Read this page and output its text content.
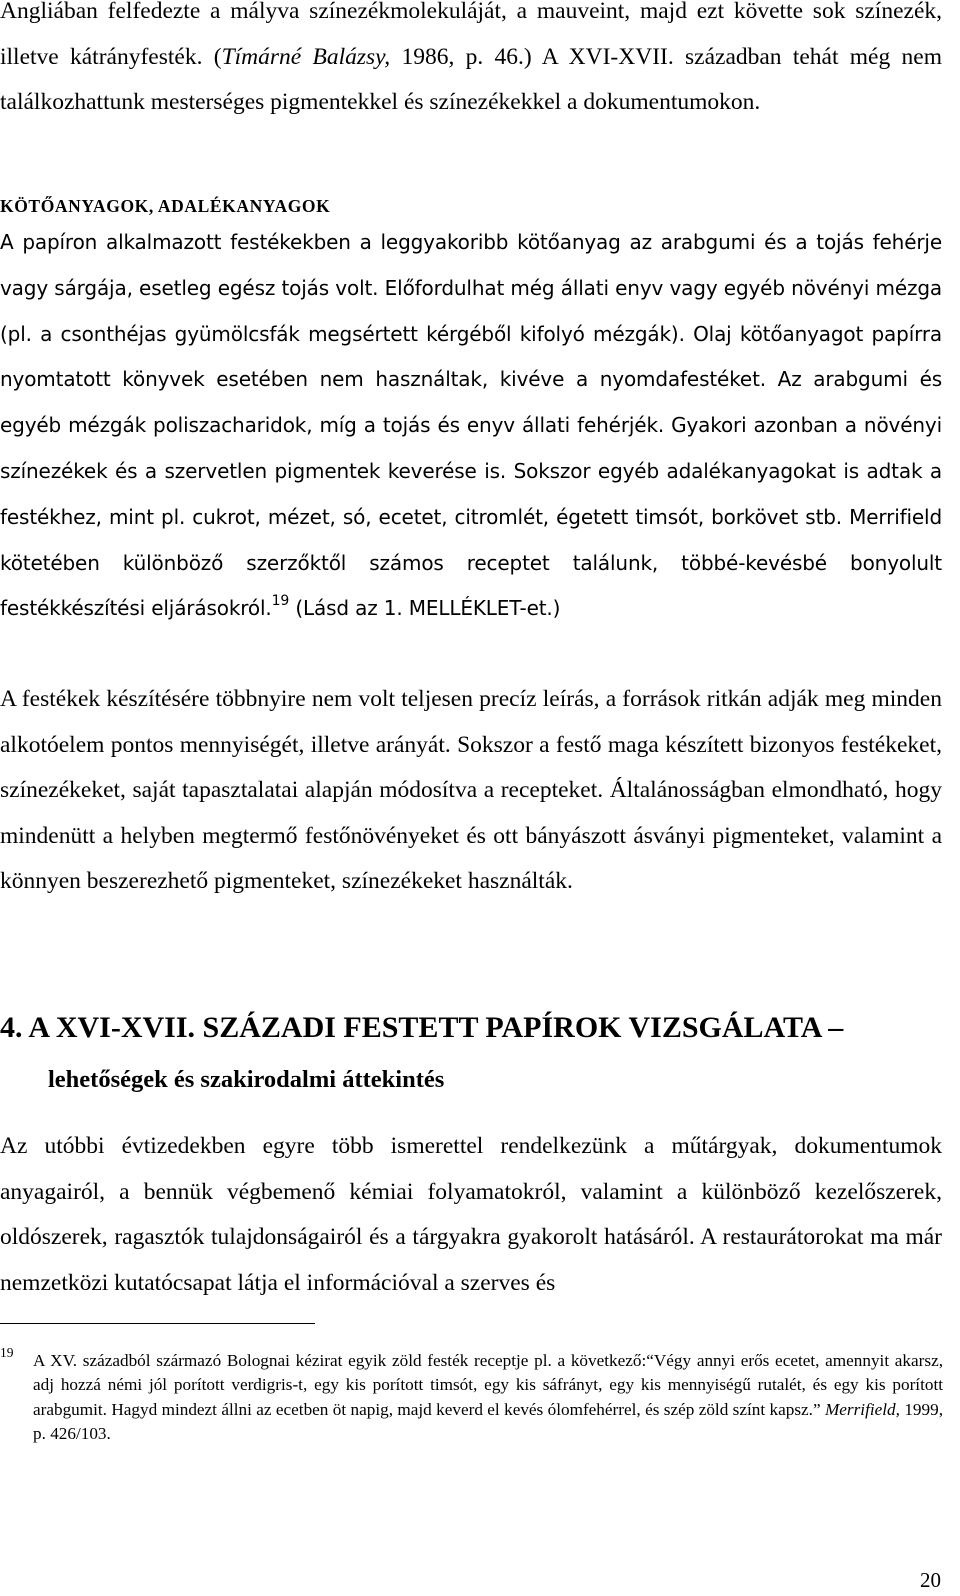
Angliában felfedezte a mályva színezékmolekuláját, a mauveint, majd ezt követte sok színezék, illetve kátrányfesték. (Tímárné Balázsy, 1986, p. 46.) A XVI-XVII. században tehát még nem találkozhattunk mesterséges pigmentekkel és színezékekkel a dokumentumokon.

KÖTŐANYAGOK, ADALÉKANYAGOK

A papíron alkalmazott festékekben a leggyakoribb kötőanyag az arabgumi és a tojás fehérje vagy sárgája, esetleg egész tojás volt. Előfordulhat még állati enyv vagy egyéb növényi mézga (pl. a csonthéjas gyümölcsfák megsértett kérgéből kifolyó mézgák). Olaj kötőanyagot papírra nyomtatott könyvek esetében nem használtak, kivéve a nyomdafestéket. Az arabgumi és egyéb mézgák poliszacharidok, míg a tojás és enyv állati fehérjék. Gyakori azonban a növényi színezékek és a szervetlen pigmentek keverése is. Sokszor egyéb adalékanyagokat is adtak a festékhez, mint pl. cukrot, mézet, só, ecetet, citromlét, égetett timsót, borkövet stb. Merrifield kötetében különböző szerzőktől számos receptet találunk, többé-kevésbé bonyolult festékkészítési eljárásokról.$^{19}$ (Lásd az 1. MELLÉKLET-et.)

A festékek készítésére többnyire nem volt teljesen precíz leírás, a források ritkán adják meg minden alkotóelem pontos mennyiségét, illetve arányát. Sokszor a festő maga készített bizonyos festékeket, színezékeket, saját tapasztalatai alapján módosítva a recepteket. Általánosságban elmondható, hogy mindenütt a helyben megtermő festőnövényeket és ott bányászott ásványi pigmenteket, valamint a könnyen beszerezhető pigmenteket, színezékeket használták.

4. A XVI-XVII. SZÁZADI FESTETT PAPÍROK VIZSGÁLATA –
lehetőségek és szakirodalmi áttekintés

Az utóbbi évtizedekben egyre több ismerettel rendelkezünk a műtárgyak, dokumentumok anyagairól, a bennük végbemenő kémiai folyamatokról, valamint a különböző kezelőszerek, oldószerek, ragasztók tulajdonságairól és a tárgyakra gyakorolt hatásáról. A restaurátorokat ma már nemzetközi kutatócsapat látja el információval a szerves és

19 A XV. századból származó Bolognai kézirat egyik zöld festék receptje pl. a következő:“Végy annyi erős ecetet, amennyit akarsz, adj hozzá némi jól porított verdigris-t, egy kis porított timsót, egy kis sáfrányt, egy kis mennyiségű rutalét, és egy kis porított arabgumit. Hagyd mindezt állni az ecetben öt napig, majd keverd el kevés ólomfehérrel, és szép zöld színt kapsz.” Merrifield, 1999, p. 426/103.

20
